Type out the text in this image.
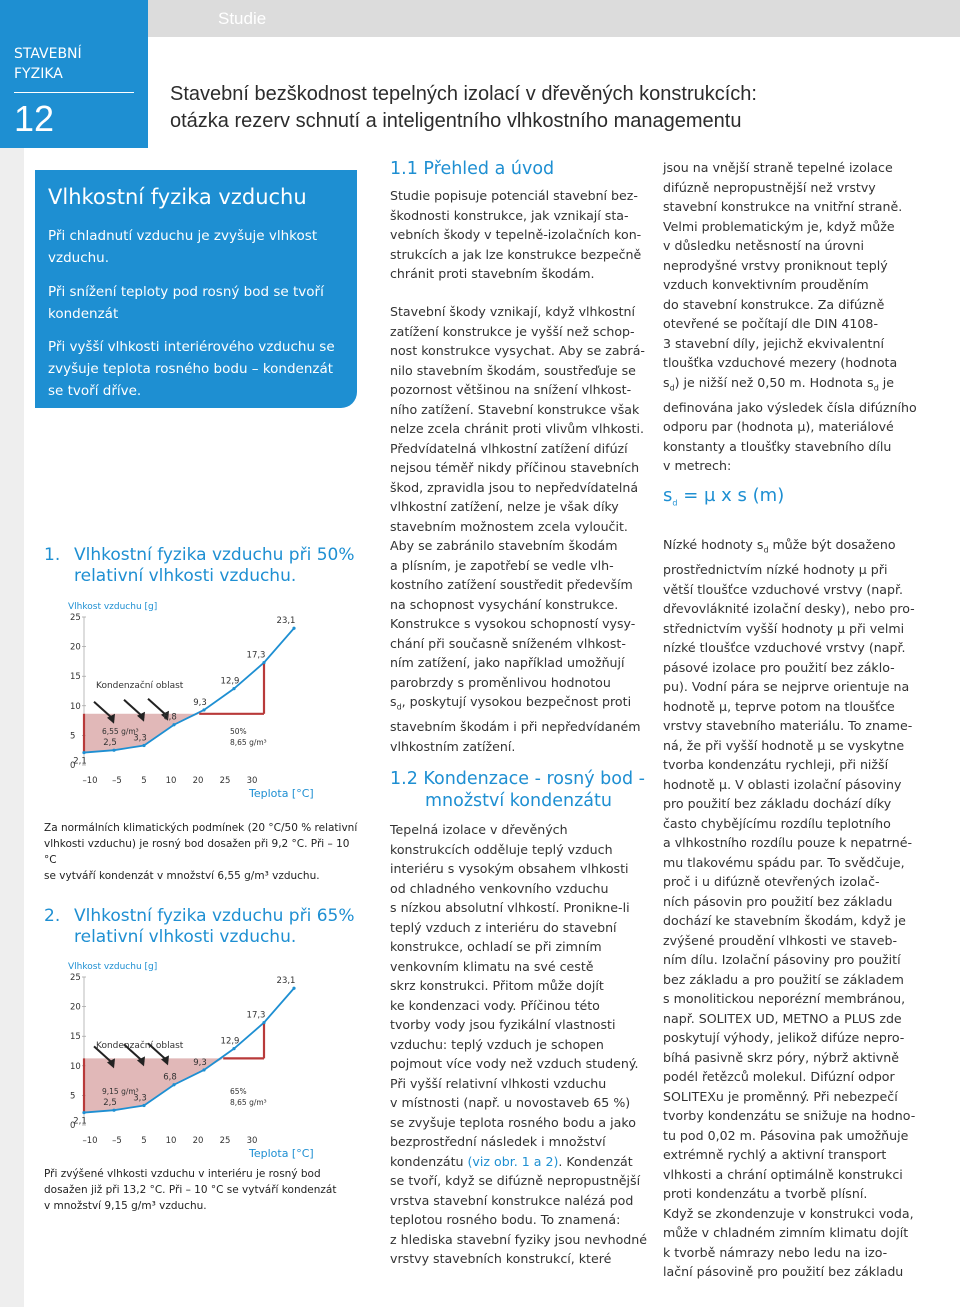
Studie
STAVEBNÍ FYZIKA
12
Stavební bezškodnost tepelných izolací v dřevěných konstrukcích:
otázka rezerv schnutí a inteligentního vlhkostního managementu
Vlhkostní fyzika vzduchu
Při chladnutí vzduchu je zvyšuje vlhkost
vzduchu.
Při snížení teploty pod rosný bod se tvoří
kondenzát
Při vyšší vlhkosti interiérového vzduchu se
zvyšuje teplota rosného bodu – kondenzát
se tvoří dříve.
1. Vlhkostní fyzika vzduchu při 50%
relativní vlhkosti vzduchu.
Vlhkost vzduchu [g]
25
20
15
10
5
0
–10 –5 5 10 20 25 30
Teplota [°C]
2,1
2,5 3,3
6,8
9,3
12,9
17,3
23,1
Kondenzační oblast
6,55 g/m³	50%
8,65 g/m³
Za normálních klimatických podmínek (20 °C/50 % relativní
vlhkosti vzduchu) je rosný bod dosažen při 9,2 °C. Při – 10 °C
se vytváří kondenzát v množství 6,55 g/m³ vzduchu.
2. Vlhkostní fyzika vzduchu při 65%
relativní vlhkosti vzduchu.
Vlhkost vzduchu [g]
25
20
15
10
5
0
–10 –5 5 10 20 25 30
Teplota [°C]
2,1
2,5 3,3
6,8
9,3
12,9
17,3
23,1
Kondenzační oblast
9,15 g/m³	65%
8,65 g/m³
Při zvýšené vlhkosti vzduchu v interiéru je rosný bod
dosažen již při 13,2 °C. Při – 10 °C se vytváří kondenzát
v množství 9,15 g/m³ vzduchu.
1.1 Přehled a úvod
Studie popisuje potenciál stavební bez-
škodnosti konstrukce, jak vznikají sta-
vebních škody v tepelně-izolačních kon-
strukcích a jak lze konstrukce bezpečně
chránit proti stavebním škodám.
Stavební škody vznikají, když vlhkostní
zatížení konstrukce je vyšší než schop-
nost konstrukce vysychat. Aby se zabrá-
nilo stavebním škodám, soustřeďuje se
pozornost většinou na snížení vlhkost-
ního zatížení. Stavební konstrukce však
nelze zcela chránit proti vlivům vlhkosti.
Předvídatelná vlhkostní zatížení difúzí
nejsou téměř nikdy příčinou stavebních
škod, zpravidla jsou to nepředvídatelná
vlhkostní zatížení, nelze je však díky
stavebním možnostem zcela vyloučit.
Aby se zabránilo stavebním škodám
a plísním, je zapotřebí se vedle vlh-
kostního zatížení soustředit především
na schopnost vysychání konstrukce.
Konstrukce s vysokou schopností vysy-
chání při současně sníženém vlhkost-
ním zatížení, jako například umožňují
parobrzdy s proměnlivou hodnotou
$s_d$, poskytují vysokou bezpečnost proti
stavebním škodám i při nepředvídaném
vlhkostním zatížení.
1.2 Kondenzace - rosný bod -
množství kondenzátu
Tepelná izolace v dřevěných
konstrukcích odděluje teplý vzduch
interiéru s vysokým obsahem vlhkosti
od chladného venkovního vzduchu
s nízkou absolutní vlhkostí. Pronikne-li
teplý vzduch z interiéru do stavební
konstrukce, ochladí se při zimním
venkovním klimatu na své cestě
skrz konstrukci. Přitom může dojít
ke kondenzaci vody. Příčinou této
tvorby vody jsou fyzikální vlastnosti
vzduchu: teplý vzduch je schopen
pojmout více vody než vzduch studený.
Při vyšší relativní vlhkosti vzduchu
v místnosti (např. u novostaveb 65 %)
se zvyšuje teplota rosného bodu a jako
bezprostřední následek i množství
kondenzátu (viz obr. 1 a 2). Kondenzát
se tvoří, když se difúzně nepropustnější
vrstva stavební konstrukce nalézá pod
teplotou rosného bodu. To znamená:
z hlediska stavební fyziky jsou nevhodné
vrstvy stavebních konstrukcí, které
jsou na vnější straně tepelné izolace
difúzně nepropustnější než vrstvy
stavební konstrukce na vnitřní straně.
Velmi problematickým je, když může
v důsledku netěsností na úrovni
neprodyšné vrstvy proniknout teplý
vzduch konvektivním prouděním
do stavební konstrukce. Za difúzně
otevřené se počítají dle DIN 4108-
3 stavební díly, jejichž ekvivalentní
tloušťka vzduchové mezery (hodnota
$s_d$) je nižší než 0,50 m. Hodnota $s_d$ je
definována jako výsledek čísla difúzního
odporu par (hodnota µ), materiálové
konstanty a tloušťky stavebního dílu
v metrech:
$s_d = \mu$ x s (m)
Nízké hodnoty $s_d$ může být dosaženo
prostřednictvím nízké hodnoty µ při
větší tloušťce vzduchové vrstvy (např.
dřevovláknité izolační desky), nebo pro-
střednictvím vyšší hodnoty µ při velmi
nízké tloušťce vzduchové vrstvy (např.
pásové izolace pro použití bez záklo-
pu). Vodní pára se nejprve orientuje na
hodnotě µ, teprve potom na tloušťce
vrstvy stavebního materiálu. To zname-
ná, že při vyšší hodnotě µ se vyskytne
tvorba kondenzátu rychleji, při nižší
hodnotě µ. V oblasti izolační pásoviny
pro použití bez základu dochází díky
často chybějícímu rozdílu teplotního
a vlhkostního rozdílu pouze k nepatrné-
mu tlakovému spádu par. To svědčuje,
proč i u difúzně otevřených izolač-
ních pásovin pro použití bez základu
dochází ke stavebním škodám, když je
zvýšené proudění vlhkosti ve staveb-
ním dílu. Izolační pásoviny pro použití
bez základu a pro použití se základem
s monolitickou neporézní membránou,
např. SOLITEX UD, METNO a PLUS zde
poskytují výhody, jelikož difúze nepro-
bíhá pasivně skrz póry, nýbrž aktivně
podél řetězců molekul. Difúzní odpor
SOLITEXu je proměnný. Při nebezpečí
tvorby kondenzátu se snižuje na hodno-
tu pod 0,02 m. Pásovina pak umožňuje
extrémně rychlý a aktivní transport
vlhkosti a chrání optimálně konstrukci
proti kondenzátu a tvorbě plísní.
Když se zkondenzuje v konstrukci voda,
může v chladném zimním klimatu dojít
k tvorbě námrazy nebo ledu na izo-
lační pásovině pro použití bez základu
